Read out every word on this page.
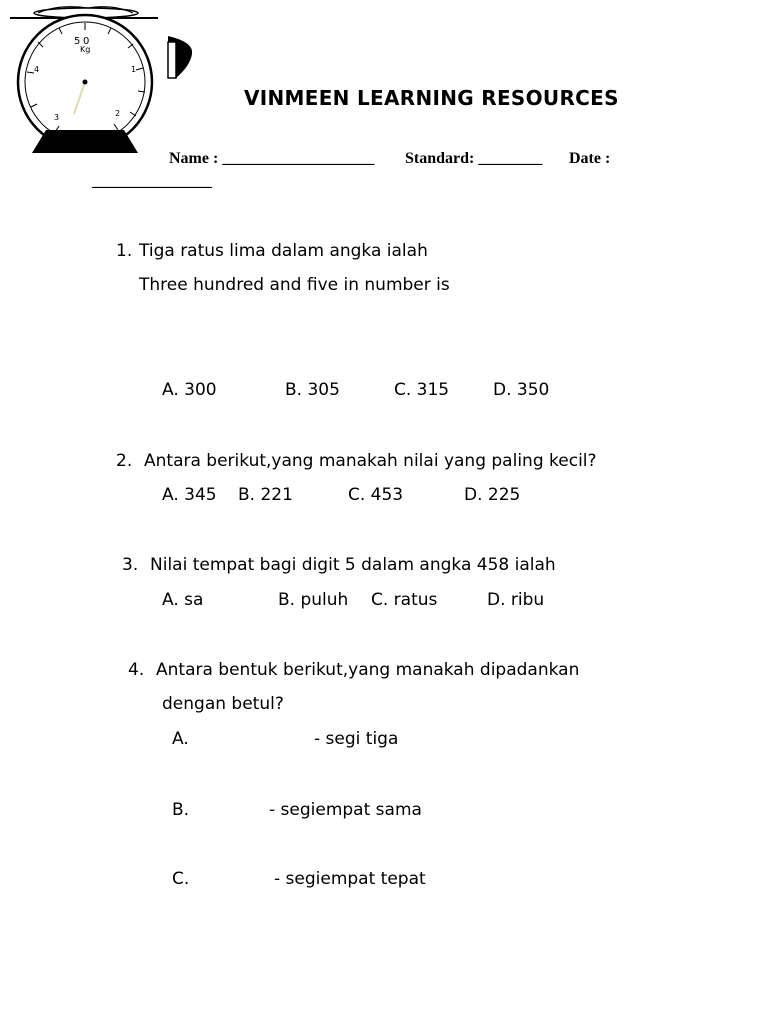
0
5
Kg
1
2
3
4
VINMEEN LEARNING RESOURCES
Name : ___________________ Standard: ________ Date :
_______________
1. Tiga ratus lima dalam angka ialah
Three hundred and five in number is
A. 300	B. 305	C. 315	D. 350
2. Antara berikut,yang manakah nilai yang paling kecil?
A. 345 B. 221	C. 453	D. 225
3. Nilai tempat bagi digit 5 dalam angka 458 ialah
A. sa	B. puluh C. ratus	D. ribu
4. Antara bentuk berikut,yang manakah dipadankan
dengan betul?
A.	- segi tiga
B.	- segiempat sama
C.	- segiempat tepat
